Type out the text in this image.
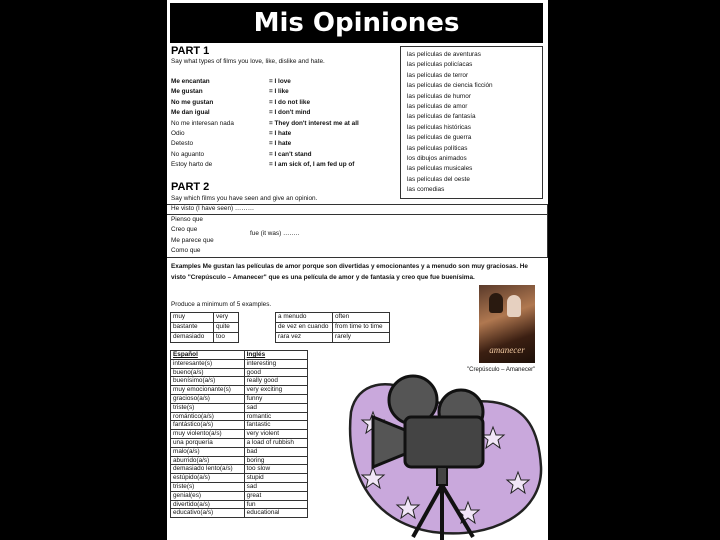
Mis Opiniones
PART 1
Say what types of films you love, like, dislike and hate.
Me encantan	= I love
Me gustan	= I like
No me gustan	= I do not like
Me dan igual	= I don't mind
No me interesan nada	= They don't interest me at all
Odio	= I hate
Detesto	= I hate
No aguanto	= I can't stand
Estoy harto de	= I am sick of, I am fed up of
las películas de aventuras
las películas policíacas
las películas de terror
las películas de ciencia ficción
las películas de humor
las películas de amor
las películas de fantasía
las películas históricas
las películas de guerra
las películas políticas
los dibujos animados
las películas musicales
las películas del oeste
las comedias
PART 2
Say which films you have seen and give an opinion.
He visto (I have seen) ………
Pienso que
Creo que
Me parece que
Como que
fue (it was) ……..
Examples Me gustan las películas de amor porque son divertidas y emocionantes y a menudo son muy graciosas. He visto "Crepúsculo – Amanecer" que es una película de amor y de fantasía y creo que fue buenísima.
Produce a minimum of 5 examples.
muy	very
bastante	quite
demasiado	too
a menudo	often
de vez en cuando	from time to time
rara vez	rarely
Español	Inglés
interesante(s)	interesting
bueno(a/s)	good
buenísimo(a/s)	really good
muy emocionante(s)	very exciting
gracioso(a/s)	funny
triste(s)	sad
romántico(a/s)	romantic
fantástico(a/s)	fantastic
muy violento(a/s)	very violent
una porquería	a load of rubbish
malo(a/s)	bad
aburrido(a/s)	boring
demasiado lento(a/s)	too slow
estúpido(a/s)	stupid
triste(s)	sad
genial(es)	great
divertido(a/s)	fun
educativo(a/s)	educational
amanecer
"Crepúsculo – Amanecer"
